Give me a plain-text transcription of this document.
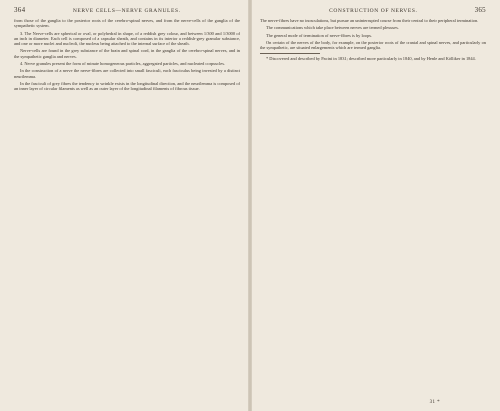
364	NERVE CELLS—NERVE GRANULES.

from those of the ganglia to the posterior roots of the cerebro-spinal nerves, and from the nerve-cells of the ganglia of the sympathetic system.

3. The Nerve-cells are spherical or oval, or polyhedral in shape, of a reddish grey colour, and between 1/300 and 1/3000 of an inch in diameter. Each cell is composed of a capsular sheath, and contains in its interior a reddish-grey granular substance, and one or more nuclei and nucleoli, the nucleus being attached to the internal surface of the sheath.

Nerve-cells are found in the grey substance of the brain and spinal cord, in the ganglia of the cerebro-spinal nerves, and in the sympathetic ganglia and nerves.

4. Nerve granules present the form of minute homogeneous particles, aggregated particles, and nucleated corpuscles.

In the construction of a nerve the nerve-fibres are collected into small fasciculi, each fasciculus being invested by a distinct neurilemma.

In the fasciculi of grey fibres the tendency to wrinkle exists in the longitudinal direction, and the neurilemma is composed of an inner layer of circular filaments as well as an outer layer of the longitudinal filaments of fibrous tissue.

CONSTRUCTION OF NERVES.	365

The nerve-fibres have no inosculations, but pursue an uninterrupted course from their central to their peripheral termination.

The communications which take place between nerves are termed plexuses.

The general mode of termination of nerve-fibres is by loops.

On certain of the nerves of the body, for example, on the posterior roots of the cranial and spinal nerves, and particularly on the sympathetic, are situated enlargements which are termed ganglia.

* Discovered and described by Pacini in 1831; described more particularly in 1840, and by Henle and Kölliker in 1844.

31 *
